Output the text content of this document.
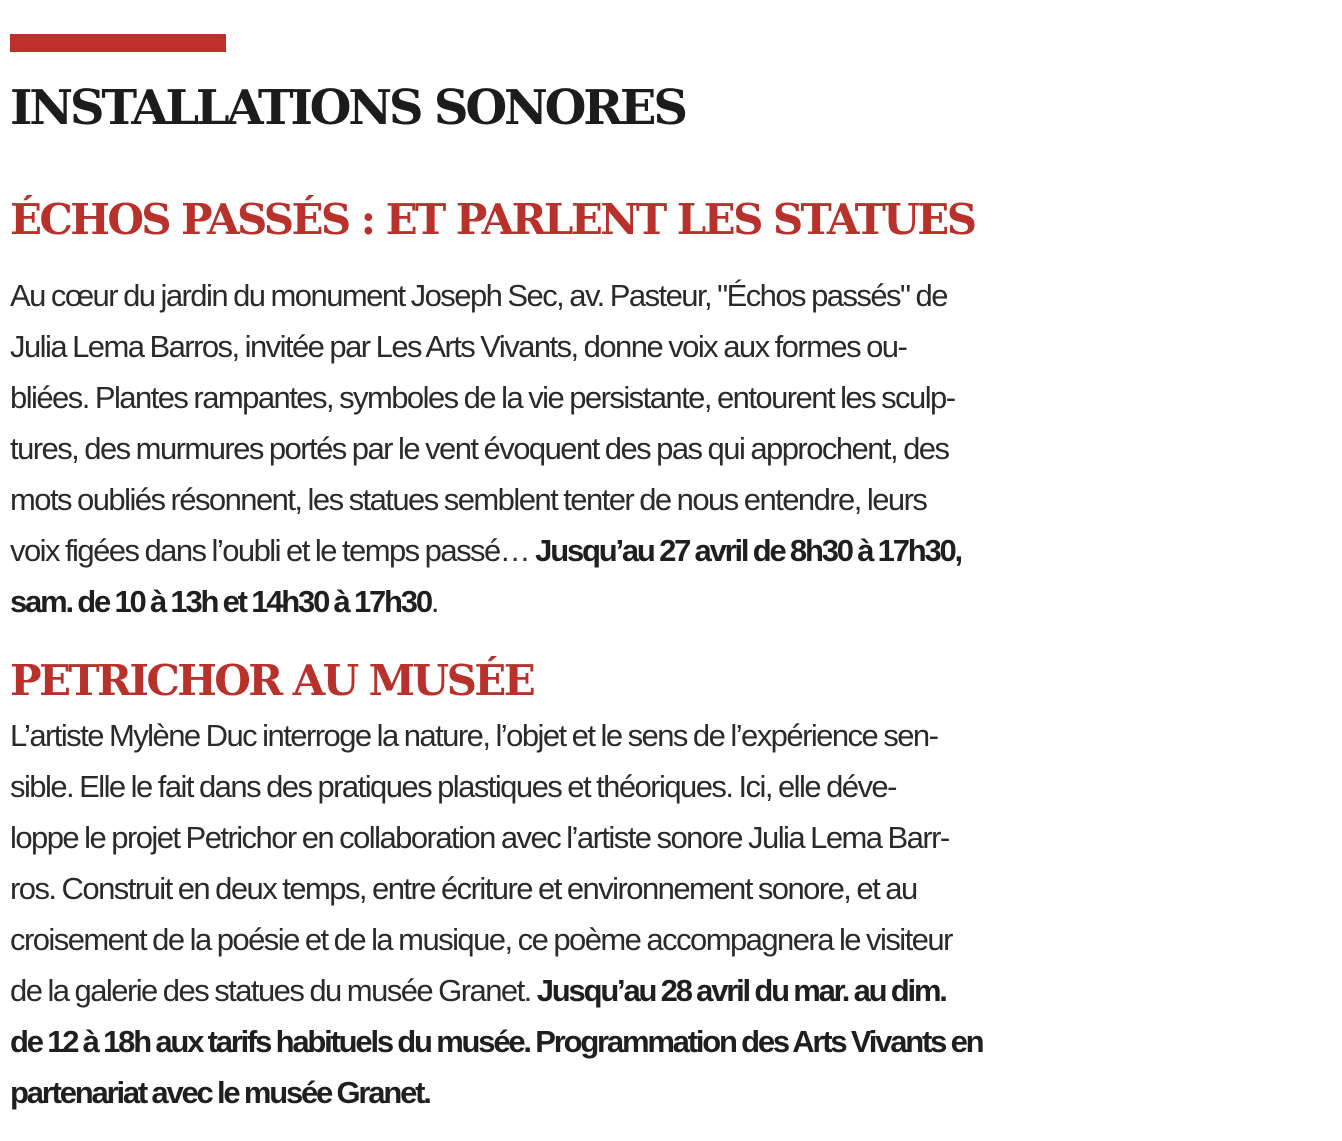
INSTALLATIONS SONORES
ÉCHOS PASSÉS : ET PARLENT LES STATUES
Au cœur du jardin du monument Joseph Sec, av. Pasteur, "Échos passés" de
Julia Lema Barros, invitée par Les Arts Vivants, donne voix aux formes ou-
bliées. Plantes rampantes, symboles de la vie persistante, entourent les sculp-
tures, des murmures portés par le vent évoquent des pas qui approchent, des
mots oubliés résonnent, les statues semblent tenter de nous entendre, leurs
voix figées dans l’oubli et le temps passé… Jusqu’au 27 avril de 8h30 à 17h30,
sam. de 10 à 13h et 14h30 à 17h30.
PETRICHOR AU MUSÉE
L’artiste Mylène Duc interroge la nature, l’objet et le sens de l’expérience sen-
sible. Elle le fait dans des pratiques plastiques et théoriques. Ici, elle déve-
loppe le projet Petrichor en collaboration avec l’artiste sonore Julia Lema Barr-
ros. Construit en deux temps, entre écriture et environnement sonore, et au
croisement de la poésie et de la musique, ce poème accompagnera le visiteur
de la galerie des statues du musée Granet. Jusqu’au 28 avril du mar. au dim.
de 12 à 18h aux tarifs habituels du musée. Programmation des Arts Vivants en
partenariat avec le musée Granet.
